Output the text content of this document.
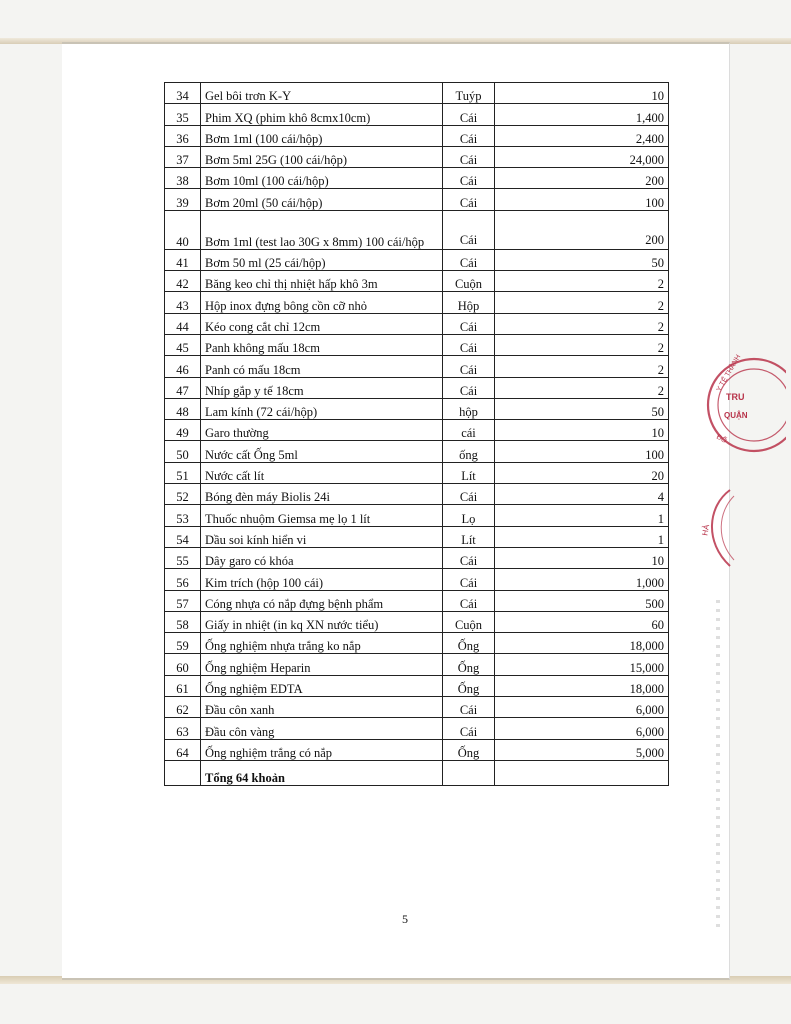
34	Gel bôi trơn K-Y	Tuýp	10
35	Phim XQ (phim khô 8cmx10cm)	Cái	1,400
36	Bơm 1ml (100 cái/hộp)	Cái	2,400
37	Bơm 5ml 25G (100 cái/hộp)	Cái	24,000
38	Bơm 10ml (100 cái/hộp)	Cái	200
39	Bơm 20ml (50 cái/hộp)	Cái	100
40	Bơm 1ml (test lao 30G x 8mm) 100 cái/hộp	Cái	200
41	Bơm 50 ml (25 cái/hộp)	Cái	50
42	Băng keo chỉ thị nhiệt hấp khô 3m	Cuộn	2
43	Hộp inox đựng bông cồn cỡ nhỏ	Hộp	2
44	Kéo cong cắt chỉ 12cm	Cái	2
45	Panh không mấu 18cm	Cái	2
46	Panh có mấu 18cm	Cái	2
47	Nhíp gắp y tế 18cm	Cái	2
48	Lam kính (72 cái/hộp)	hộp	50
49	Garo thường	cái	10
50	Nước cất Ống 5ml	ống	100
51	Nước cất lít	Lít	20
52	Bóng đèn máy Biolis 24i	Cái	4
53	Thuốc nhuộm Giemsa mẹ lọ 1 lít	Lọ	1
54	Dầu soi kính hiển vi	Lít	1
55	Dây garo có khóa	Cái	10
56	Kim trích (hộp 100 cái)	Cái	1,000
57	Cóng nhựa có nắp đựng bệnh phẩm	Cái	500
58	Giấy in nhiệt (in kq XN nước tiểu)	Cuộn	60
59	Ống nghiệm nhựa trắng ko nắp	Ống	18,000
60	Ống nghiệm Heparin	Ống	15,000
61	Ống nghiệm EDTA	Ống	18,000
62	Đầu côn xanh	Cái	6,000
63	Đầu côn vàng	Cái	6,000
64	Ống nghiệm trắng có nắp	Ống	5,000
	Tổng 64 khoản		
5
Y TẾ THÀNH
TRU
QUẬN
ĐỐ
HÀ
